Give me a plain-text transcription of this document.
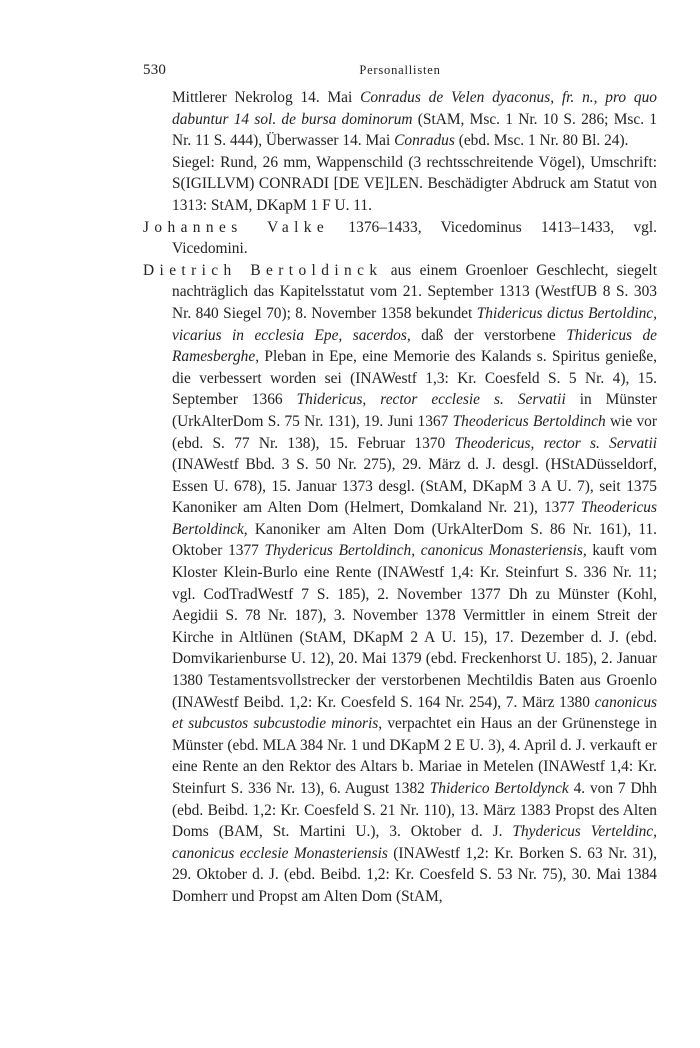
530	Personallisten

Mittlerer Nekrolog 14. Mai Conradus de Velen dyaconus, fr. n., pro quo dabuntur 14 sol. de bursa dominorum (StAM, Msc. 1 Nr. 10 S. 286; Msc. 1 Nr. 11 S. 444), Überwasser 14. Mai Conradus (ebd. Msc. 1 Nr. 80 Bl. 24).

Siegel: Rund, 26 mm, Wappenschild (3 rechtsschreitende Vögel), Umschrift: S(IGILLVM) CONRADI [DE VE]LEN. Beschädigter Abdruck am Statut von 1313: StAM, DKapM 1 F U. 11.

Johannes Valke 1376–1433, Vicedominus 1413–1433, vgl. Vicedomini.

Dietrich Bertoldinck aus einem Groenloer Geschlecht, siegelt nachträglich das Kapitelsstatut vom 21. September 1313 (WestfUB 8 S. 303 Nr. 840 Siegel 70); 8. November 1358 bekundet Thidericus dictus Bertoldinc, vicarius in ecclesia Epe, sacerdos, daß der verstorbene Thidericus de Ramesberghe, Pleban in Epe, eine Memorie des Kalands s. Spiritus genieße, die verbessert worden sei (INAWestf 1,3: Kr. Coesfeld S. 5 Nr. 4), 15. September 1366 Thidericus, rector ecclesie s. Servatii in Münster (UrkAlterDom S. 75 Nr. 131), 19. Juni 1367 Theodericus Bertoldinch wie vor (ebd. S. 77 Nr. 138), 15. Februar 1370 Theodericus, rector s. Servatii (INAWestf Bbd. 3 S. 50 Nr. 275), 29. März d. J. desgl. (HStADüsseldorf, Essen U. 678), 15. Januar 1373 desgl. (StAM, DKapM 3 A U. 7), seit 1375 Kanoniker am Alten Dom (Helmert, Domkaland Nr. 21), 1377 Theodericus Bertoldinck, Kanoniker am Alten Dom (UrkAlterDom S. 86 Nr. 161), 11. Oktober 1377 Thydericus Bertoldinch, canonicus Monasteriensis, kauft vom Kloster Klein-Burlo eine Rente (INAWestf 1,4: Kr. Steinfurt S. 336 Nr. 11; vgl. CodTradWestf 7 S. 185), 2. November 1377 Dh zu Münster (Kohl, Aegidii S. 78 Nr. 187), 3. November 1378 Vermittler in einem Streit der Kirche in Altlünen (StAM, DKapM 2 A U. 15), 17. Dezember d. J. (ebd. Domvikarienburse U. 12), 20. Mai 1379 (ebd. Freckenhorst U. 185), 2. Januar 1380 Testamentsvollstrecker der verstorbenen Mechtildis Baten aus Groenlo (INAWestf Beibd. 1,2: Kr. Coesfeld S. 164 Nr. 254), 7. März 1380 canonicus et subcustos subcustodie minoris, verpachtet ein Haus an der Grünenstege in Münster (ebd. MLA 384 Nr. 1 und DKapM 2 E U. 3), 4. April d. J. verkauft er eine Rente an den Rektor des Altars b. Mariae in Metelen (INAWestf 1,4: Kr. Steinfurt S. 336 Nr. 13), 6. August 1382 Thiderico Bertoldynck 4. von 7 Dhh (ebd. Beibd. 1,2: Kr. Coesfeld S. 21 Nr. 110), 13. März 1383 Propst des Alten Doms (BAM, St. Martini U.), 3. Oktober d. J. Thydericus Verteldinc, canonicus ecclesie Monasteriensis (INAWestf 1,2: Kr. Borken S. 63 Nr. 31), 29. Oktober d. J. (ebd. Beibd. 1,2: Kr. Coesfeld S. 53 Nr. 75), 30. Mai 1384 Domherr und Propst am Alten Dom (StAM,
